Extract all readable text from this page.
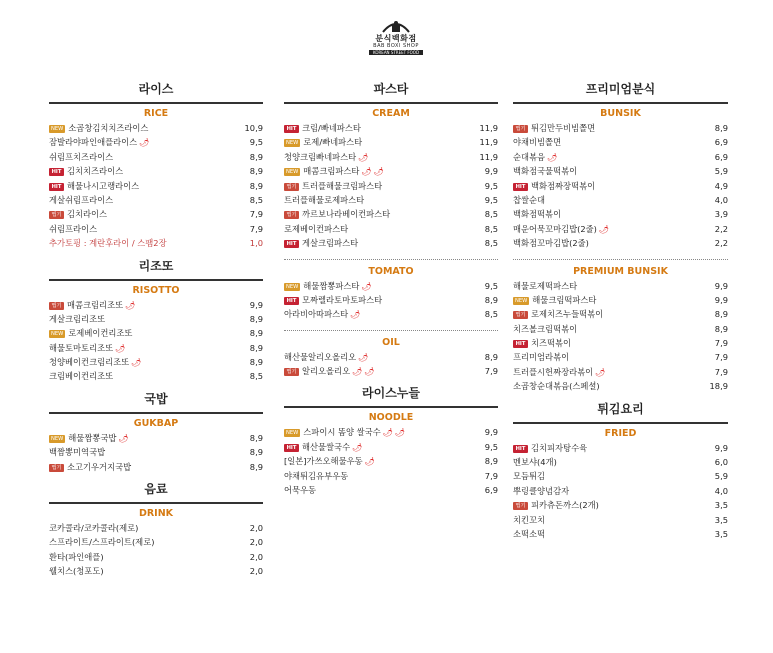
분식백화점
BAB BOXI SHOP
KOREAN STREET FOOD
라이스
RICE
NEW 소곱창김치치즈라이스	10,9
잠발라야파인애플라이스 🌶	9,5
쉬림프치즈라이스	8,9
HIT 김치치즈라이스	8,9
HIT 해물나시고랭라이스	8,9
게살쉬림프라이스	8,5
맵기 김치라이스	7,9
쉬림프라이스	7,9
추가토핑 : 계란후라이 / 스팸2장	1,0
리조또
RISOTTO
맵기 매콤크림리조또 🌶	9,9
게살크림리조또	8,9
NEW 로제베이컨리조또	8,9
해물토마토리조또 🌶	8,9
청양베이컨크림리조또 🌶	8,9
크림베이컨리조또	8,5
국밥
GUKBAP
NEW 해물짬뽕국밥 🌶	8,9
백짬뽕미역국밥	8,9
맵기 소고기우거지국밥	8,9
음료
DRINK
코카콜라/코카콜라(제로)	2,0
스프라이트/스프라이트(제로)	2,0
환타(파인애플)	2,0
웰치스(청포도)	2,0
파스타
CREAM
HIT 크림/빠네파스타	11,9
NEW 로제/빠네파스타	11,9
청양크림빠네파스타 🌶	11,9
NEW 매콤크림파스타 🌶 🌶	9,9
맵기 트러플해물크림파스타	9,5
트러플해물로제파스타	9,5
맵기 까르보나라베이컨파스타	8,5
로제베이컨파스타	8,5
HIT 게살크림파스타	8,5
TOMATO
NEW 해물짬뽕파스타 🌶	9,5
HIT 모짜렐라토마토파스타	8,9
아라비아따파스타 🌶	8,5
OIL
해산물알리오올리오 🌶	8,9
맵기 알리오올리오 🌶 🌶	7,9
라이스누들
NOODLE
NEW 스파이시 똠양 쌀국수 🌶 🌶	9,9
HIT 해산물쌀국수 🌶	9,5
[일본]가쓰오해물우동 🌶	8,9
야채튀김유부우동	7,9
어묵우동	6,9
프리미엄분식
BUNSIK
맵기 튀김만두비빔쫄면	8,9
야채비빔쫄면	6,9
순대볶음 🌶	6,9
백화점국물떡볶이	5,9
HIT 백화점짜장떡볶이	4,9
찹쌀순대	4,0
백화점떡볶이	3,9
매운어묵꼬마김밥(2줄) 🌶	2,2
백화점꼬마김밥(2줄)	2,2
PREMIUM BUNSIK
해물로제떡파스타	9,9
NEW 해물크림떡파스타	9,9
맵기 로제치즈누들떡볶이	8,9
치즈볼크림떡볶이	8,9
HIT 치즈떡볶이	7,9
프리미엄라볶이	7,9
트러플시헌짜장라볶이 🌶	7,9
소곱창순대볶음(스페셜)	18,9
튀김요리
FRIED
HIT 김치피자탕수육	9,9
멘보샤(4개)	6,0
모듬튀김	5,9
뿌링클양념감자	4,0
맵기 피카츄돈까스(2개)	3,5
치킨꼬치	3,5
소떡소떡	3,5
